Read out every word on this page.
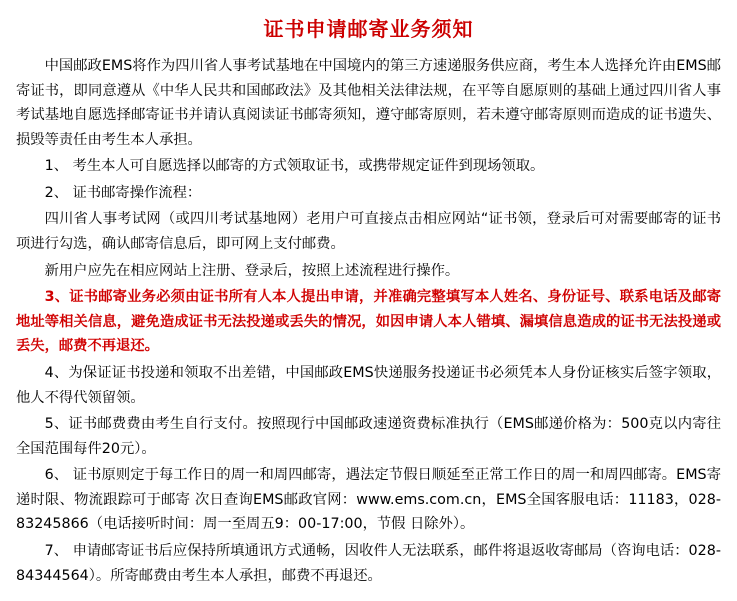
证书申请邮寄业务须知

中国邮政EMS将作为四川省人事考试基地在中国境内的第三方速递服务供应商，考生本人选择允许由EMS邮寄证书，即同意遵从《中华人民共和国邮政法》及其他相关法律法规，在平等自愿原则的基础上通过四川省人事考试基地自愿选择邮寄证书并请认真阅读证书邮寄须知，遵守邮寄原则，若未遵守邮寄原则而造成的证书遗失、损毁等责任由考生本人承担。

1、 考生本人可自愿选择以邮寄的方式领取证书，或携带规定证件到现场领取。

2、 证书邮寄操作流程：

四川省人事考试网（或四川考试基地网）老用户可直接点击相应网站“证书领，登录后可对需要邮寄的证书项进行勾选，确认邮寄信息后，即可网上支付邮费。

新用户应先在相应网站上注册、登录后，按照上述流程进行操作。

3、证书邮寄业务必须由证书所有人本人提出申请，并准确完整填写本人姓名、身份证号、联系电话及邮寄地址等相关信息，避免造成证书无法投递或丢失的情况，如因申请人本人错填、漏填信息造成的证书无法投递或丢失，邮费不再退还。

4、为保证证书投递和领取不出差错，中国邮政EMS快递服务投递证书必须凭本人身份证核实后签字领取，他人不得代领留领。

5、证书邮费费由考生自行支付。按照现行中国邮政速递资费标准执行（EMS邮递价格为：500克以内寄往全国范围每件20元）。

6、 证书原则定于每工作日的周一和周四邮寄，遇法定节假日顺延至正常工作日的周一和周四邮寄。EMS寄递时限、物流跟踪可于邮寄 次日查询EMS邮政官网：www.ems.com.cn，EMS全国客服电话：11183，028-83245866（电话接听时间：周一至周五9：00-17:00，节假 日除外）。

7、 申请邮寄证书后应保持所填通讯方式通畅，因收件人无法联系，邮件将退返收寄邮局（咨询电话：028-84344564）。所寄邮费由考生本人承担，邮费不再退还。
